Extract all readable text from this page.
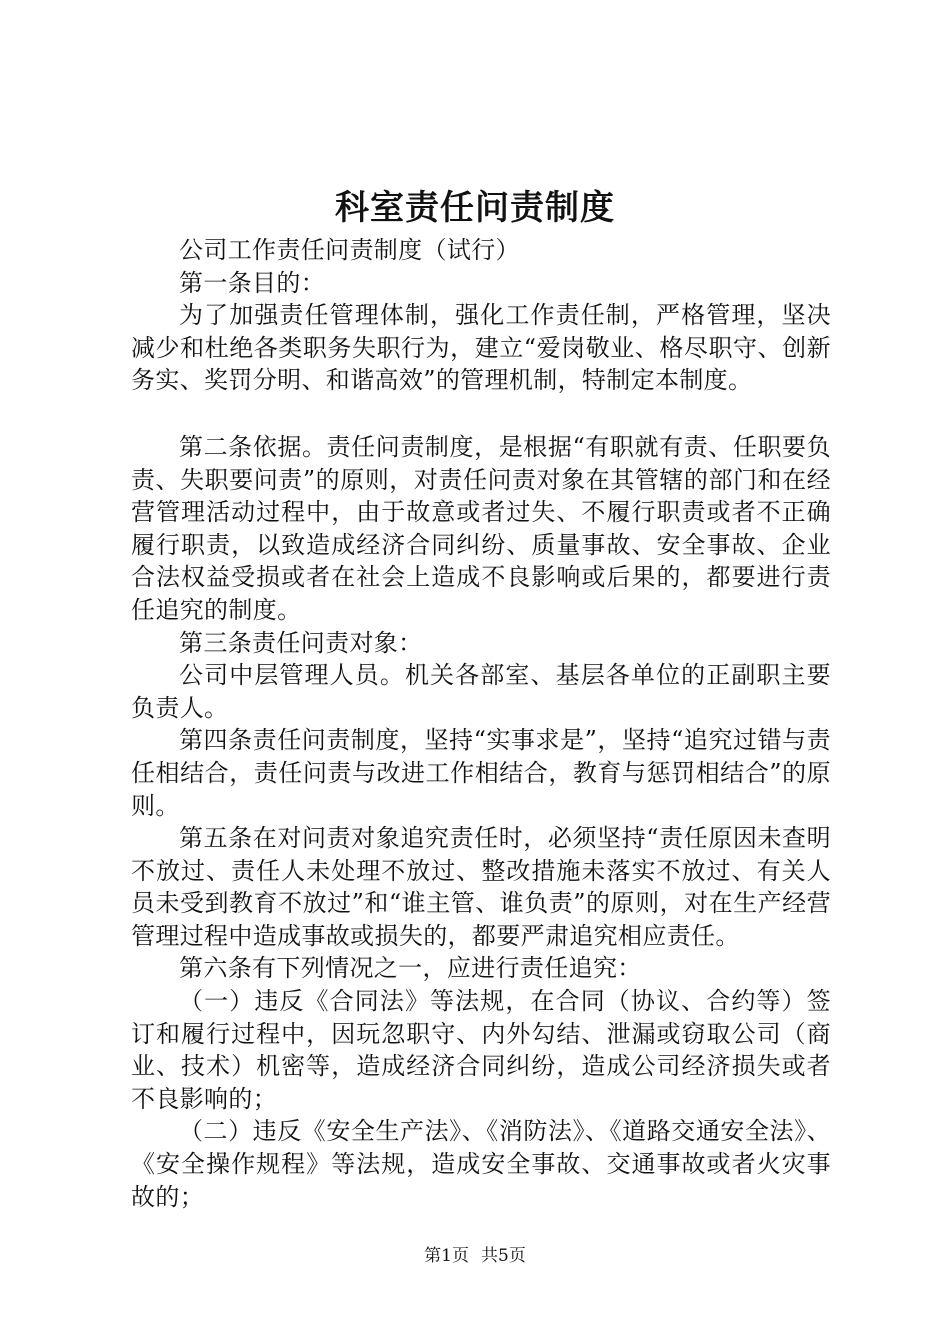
科室责任问责制度

公司工作责任问责制度（试行）

第一条目的：

为了加强责任管理体制，强化工作责任制，严格管理，坚决减少和杜绝各类职务失职行为，建立“爱岗敬业、格尽职守、创新务实、奖罚分明、和谐高效”的管理机制，特制定本制度。

第二条依据。责任问责制度，是根据“有职就有责、任职要负责、失职要问责”的原则，对责任问责对象在其管辖的部门和在经营管理活动过程中，由于故意或者过失、不履行职责或者不正确履行职责，以致造成经济合同纠纷、质量事故、安全事故、企业合法权益受损或者在社会上造成不良影响或后果的，都要进行责任追究的制度。

第三条责任问责对象：

公司中层管理人员。机关各部室、基层各单位的正副职主要负责人。

第四条责任问责制度，坚持“实事求是”，坚持“追究过错与责任相结合，责任问责与改进工作相结合，教育与惩罚相结合”的原则。

第五条在对问责对象追究责任时，必须坚持“责任原因未查明不放过、责任人未处理不放过、整改措施未落实不放过、有关人员未受到教育不放过”和“谁主管、谁负责”的原则，对在生产经营管理过程中造成事故或损失的，都要严肃追究相应责任。

第六条有下列情况之一，应进行责任追究：

（一）违反《合同法》等法规，在合同（协议、合约等）签订和履行过程中，因玩忽职守、内外勾结、泄漏或窃取公司（商业、技术）机密等，造成经济合同纠纷，造成公司经济损失或者不良影响的；

（二）违反《安全生产法》、《消防法》、《道路交通安全法》、《安全操作规程》等法规，造成安全事故、交通事故或者火灾事故的；

第1页 共5页
